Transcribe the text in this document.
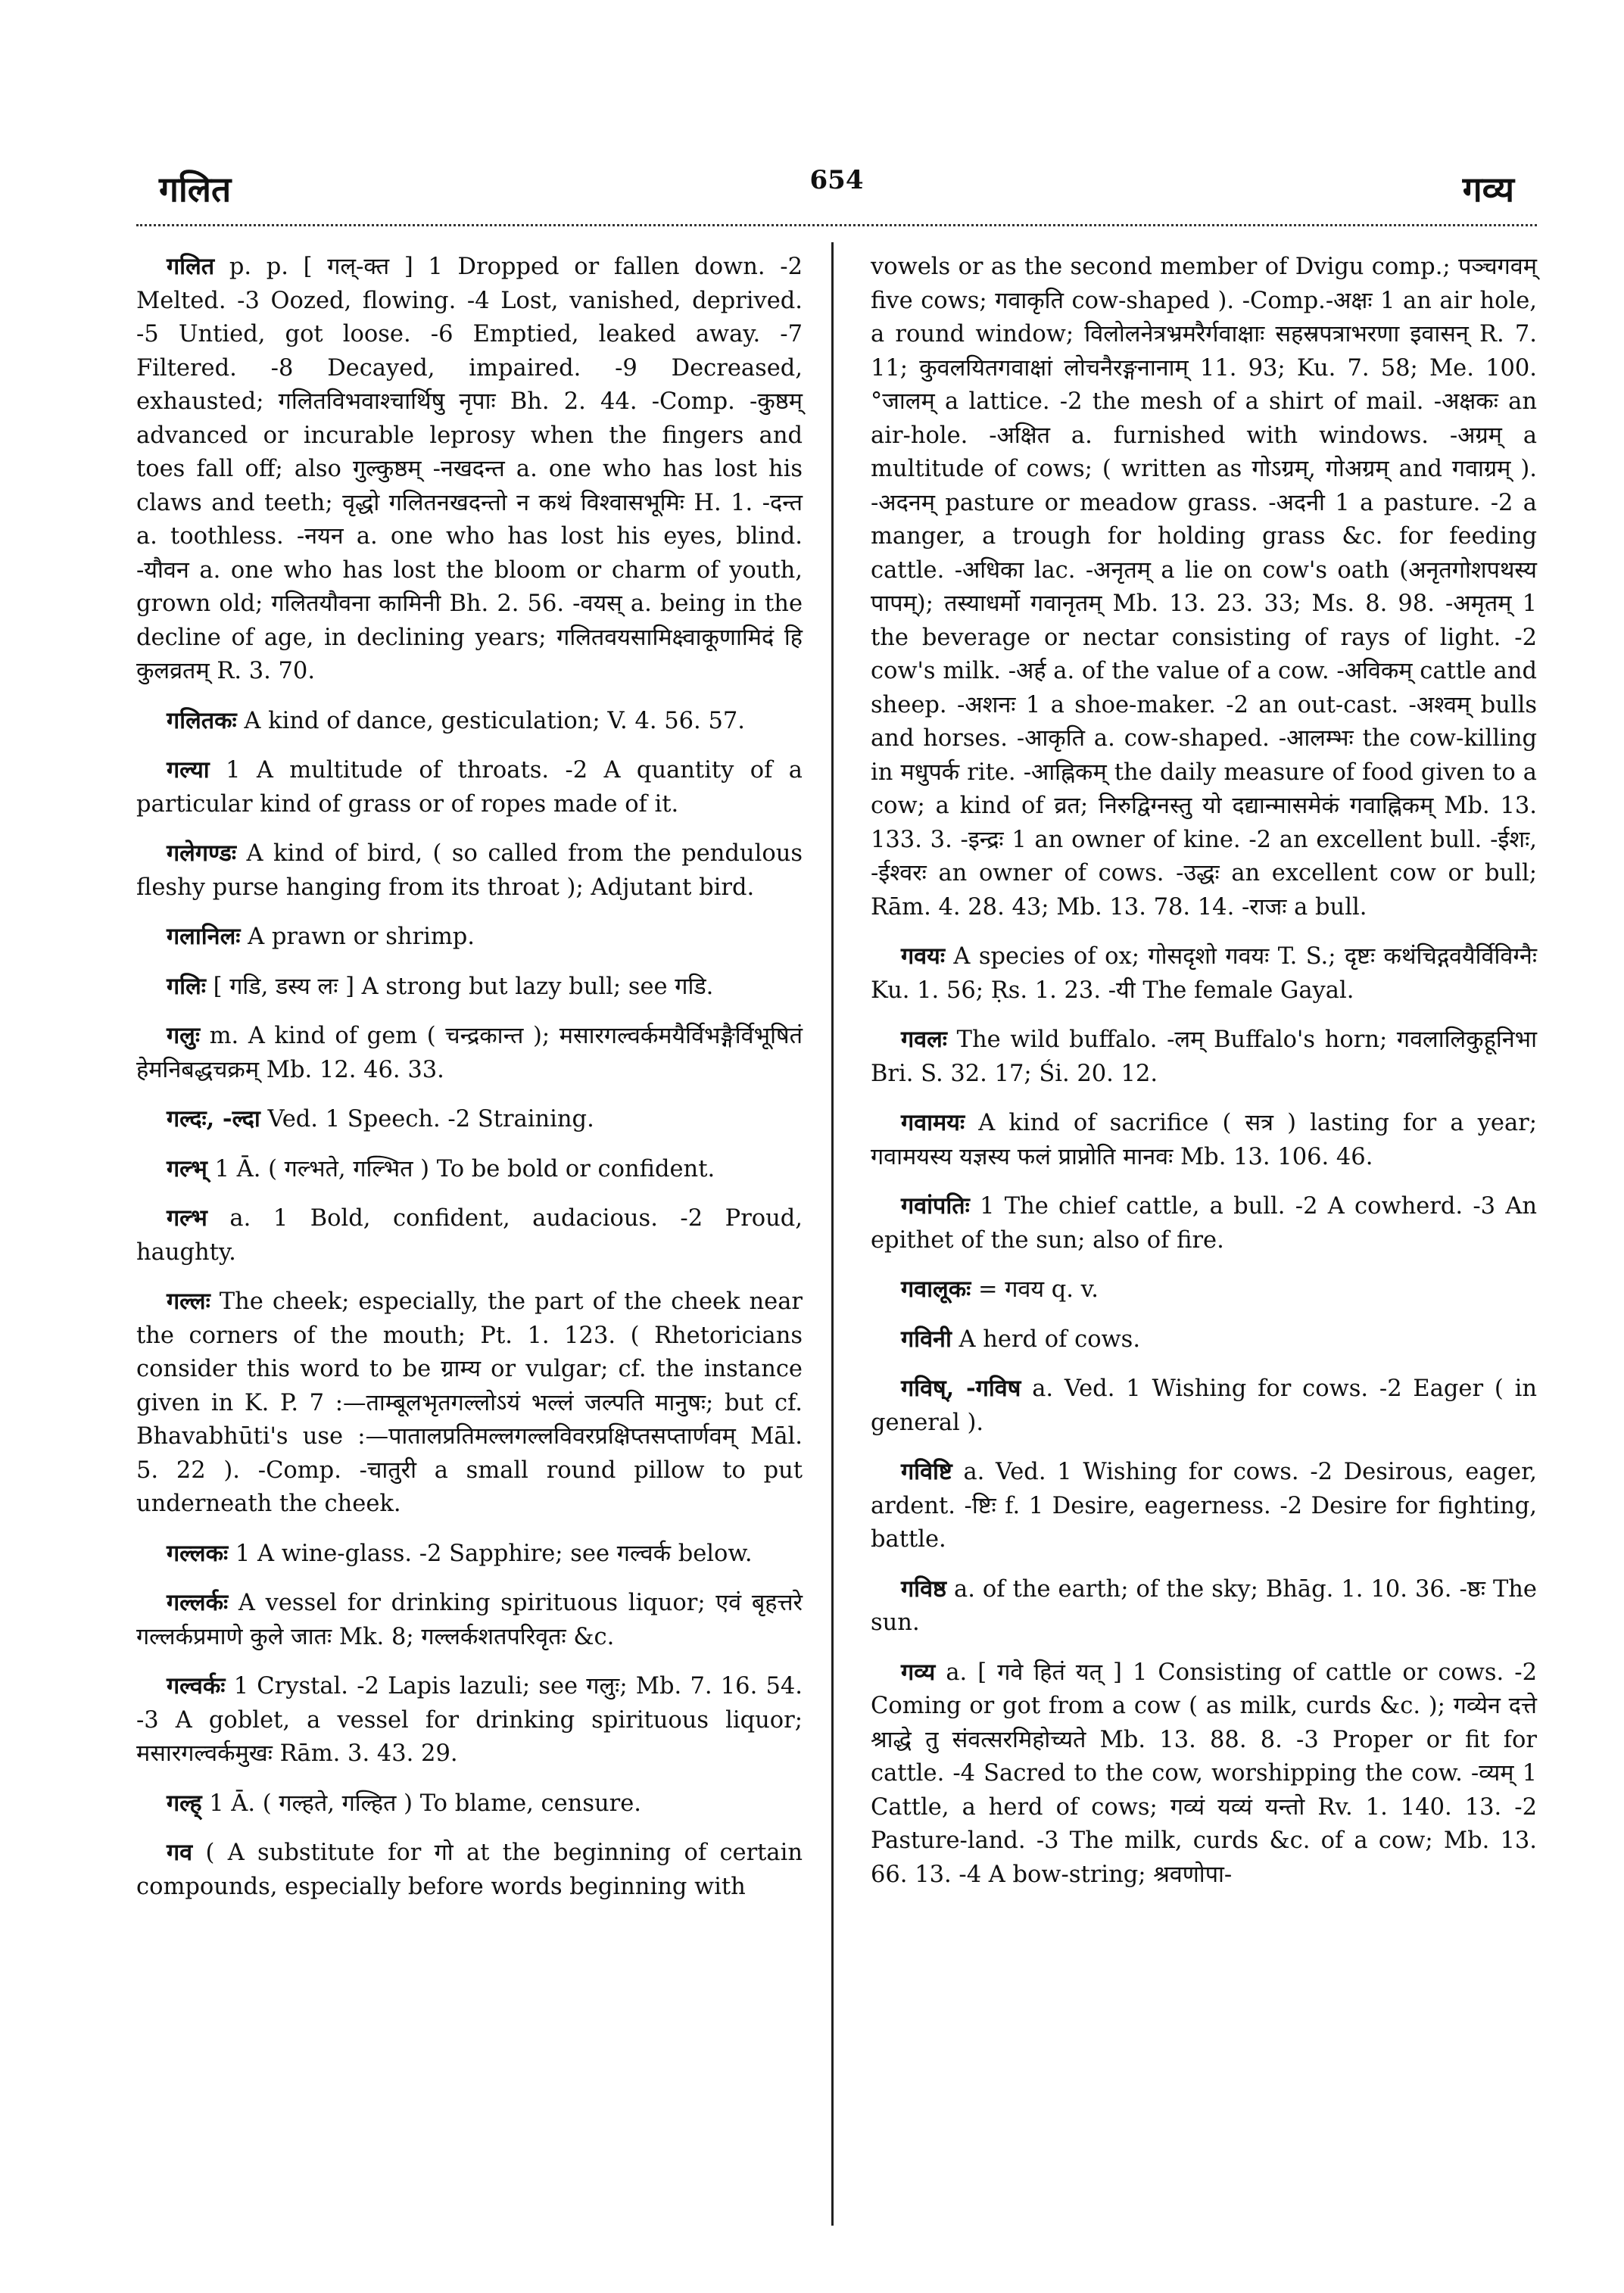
गलित	654	गव्य

गलित p. p. [ गल्-क्त ] 1 Dropped or fallen down. -2 Melted. -3 Oozed, flowing. -4 Lost, vanished, deprived. -5 Untied, got loose. -6 Emptied, leaked away. -7 Filtered. -8 Decayed, impaired. -9 Decreased, exhausted; गलितविभवाश्चार्थिषु नृपाः Bh. 2. 44. -Comp. -कुष्ठम् advanced or incurable leprosy when the fingers and toes fall off; also गुल्कुष्ठम् -नखदन्त a. one who has lost his claws and teeth; वृद्धो गलितनखदन्तो न कथं विश्वासभूमिः H. 1. -दन्त a. toothless. -नयन a. one who has lost his eyes, blind. -यौवन a. one who has lost the bloom or charm of youth, grown old; गलितयौवना कामिनी Bh. 2. 56. -वयस् a. being in the decline of age, in declining years; गलितवयसामिक्ष्वाकूणामिदं हि कुलव्रतम् R. 3. 70.

गलितकः A kind of dance, gesticulation; V. 4. 56. 57.

गल्या 1 A multitude of throats. -2 A quantity of a particular kind of grass or of ropes made of it.

गलेगण्डः A kind of bird, ( so called from the pendulous fleshy purse hanging from its throat ); Adjutant bird.

गलानिलः A prawn or shrimp.

गलिः [ गडि, डस्य लः ] A strong but lazy bull; see गडि.

गलुः m. A kind of gem ( चन्द्रकान्त ); मसारगल्वर्कमयैर्विभङ्गैर्विभूषितं हेमनिबद्धचक्रम् Mb. 12. 46. 33.

गल्दः, -ल्दा Ved. 1 Speech. -2 Straining.

गल्भ् 1 Ā. ( गल्भते, गल्भित ) To be bold or confident.

गल्भ a. 1 Bold, confident, audacious. -2 Proud, haughty.

गल्लः The cheek; especially, the part of the cheek near the corners of the mouth; Pt. 1. 123. ( Rhetoricians consider this word to be ग्राम्य or vulgar; cf. the instance given in K. P. 7 :—ताम्बूलभृतगल्लोऽयं भल्लं जल्पति मानुषः; but cf. Bhavabhūti's use :—पातालप्रतिमल्लगल्लविवरप्रक्षिप्तसप्तार्णवम् Māl. 5. 22 ). -Comp. -चातुरी a small round pillow to put underneath the cheek.

गल्लकः 1 A wine-glass. -2 Sapphire; see गल्वर्क below.

गल्लर्कः A vessel for drinking spirituous liquor; एवं बृहत्तरे गल्लर्कप्रमाणे कुले जातः Mk. 8; गल्लर्कशतपरिवृतः &c.

गल्वर्कः 1 Crystal. -2 Lapis lazuli; see गलुः; Mb. 7. 16. 54. -3 A goblet, a vessel for drinking spirituous liquor; मसारगल्वर्कमुखः Rām. 3. 43. 29.

गल्ह् 1 Ā. ( गल्हते, गल्हित ) To blame, censure.

गव ( A substitute for गो at the beginning of certain compounds, especially before words beginning with

vowels or as the second member of Dvigu comp.; पञ्चगवम् five cows; गवाकृति cow-shaped ). -Comp.-अक्षः 1 an air hole, a round window; विलोलनेत्रभ्रमरैर्गवाक्षाः सहस्रपत्राभरणा इवासन् R. 7. 11; कुवलयितगवाक्षां लोचनैरङ्गनानाम् 11. 93; Ku. 7. 58; Me. 100. °जालम् a lattice. -2 the mesh of a shirt of mail. -अक्षकः an air-hole. -अक्षित a. furnished with windows. -अग्रम् a multitude of cows; ( written as गोऽग्रम्, गोअग्रम् and गवाग्रम् ). -अदनम् pasture or meadow grass. -अदनी 1 a pasture. -2 a manger, a trough for holding grass &c. for feeding cattle. -अधिका lac. -अनृतम् a lie on cow's oath (अनृतगोशपथस्य पापम्); तस्याधर्मो गवानृतम् Mb. 13. 23. 33; Ms. 8. 98. -अमृतम् 1 the beverage or nectar consisting of rays of light. -2 cow's milk. -अर्ह a. of the value of a cow. -अविकम् cattle and sheep. -अशनः 1 a shoe-maker. -2 an out-cast. -अश्वम् bulls and horses. -आकृति a. cow-shaped. -आलम्भः the cow-killing in मधुपर्क rite. -आह्निकम् the daily measure of food given to a cow; a kind of व्रत; निरुद्विग्नस्तु यो दद्यान्मासमेकं गवाह्निकम् Mb. 13. 133. 3. -इन्द्रः 1 an owner of kine. -2 an excellent bull. -ईशः, -ईश्वरः an owner of cows. -उद्धः an excellent cow or bull; Rām. 4. 28. 43; Mb. 13. 78. 14. -राजः a bull.

गवयः A species of ox; गोसदृशो गवयः T. S.; दृष्टः कथंचिद्गवयैर्विविग्नैः Ku. 1. 56; Ṛs. 1. 23. -यी The female Gayal.

गवलः The wild buffalo. -लम् Buffalo's horn; गवलालिकुहूनिभा Bri. S. 32. 17; Śi. 20. 12.

गवामयः A kind of sacrifice ( सत्र ) lasting for a year; गवामयस्य यज्ञस्य फलं प्राप्नोति मानवः Mb. 13. 106. 46.

गवांपतिः 1 The chief cattle, a bull. -2 A cowherd. -3 An epithet of the sun; also of fire.

गवालूकः = गवय q. v.

गविनी A herd of cows.

गविष्, -गविष a. Ved. 1 Wishing for cows. -2 Eager ( in general ).

गविष्टि a. Ved. 1 Wishing for cows. -2 Desirous, eager, ardent. -ष्टिः f. 1 Desire, eagerness. -2 Desire for fighting, battle.

गविष्ठ a. of the earth; of the sky; Bhāg. 1. 10. 36. -ष्ठः The sun.

गव्य a. [ गवे हितं यत् ] 1 Consisting of cattle or cows. -2 Coming or got from a cow ( as milk, curds &c. ); गव्येन दत्ते श्राद्धे तु संवत्सरमिहोच्यते Mb. 13. 88. 8. -3 Proper or fit for cattle. -4 Sacred to the cow, worshipping the cow. -व्यम् 1 Cattle, a herd of cows; गव्यं यव्यं यन्तो Rv. 1. 140. 13. -2 Pasture-land. -3 The milk, curds &c. of a cow; Mb. 13. 66. 13. -4 A bow-string; श्रवणोपा-
